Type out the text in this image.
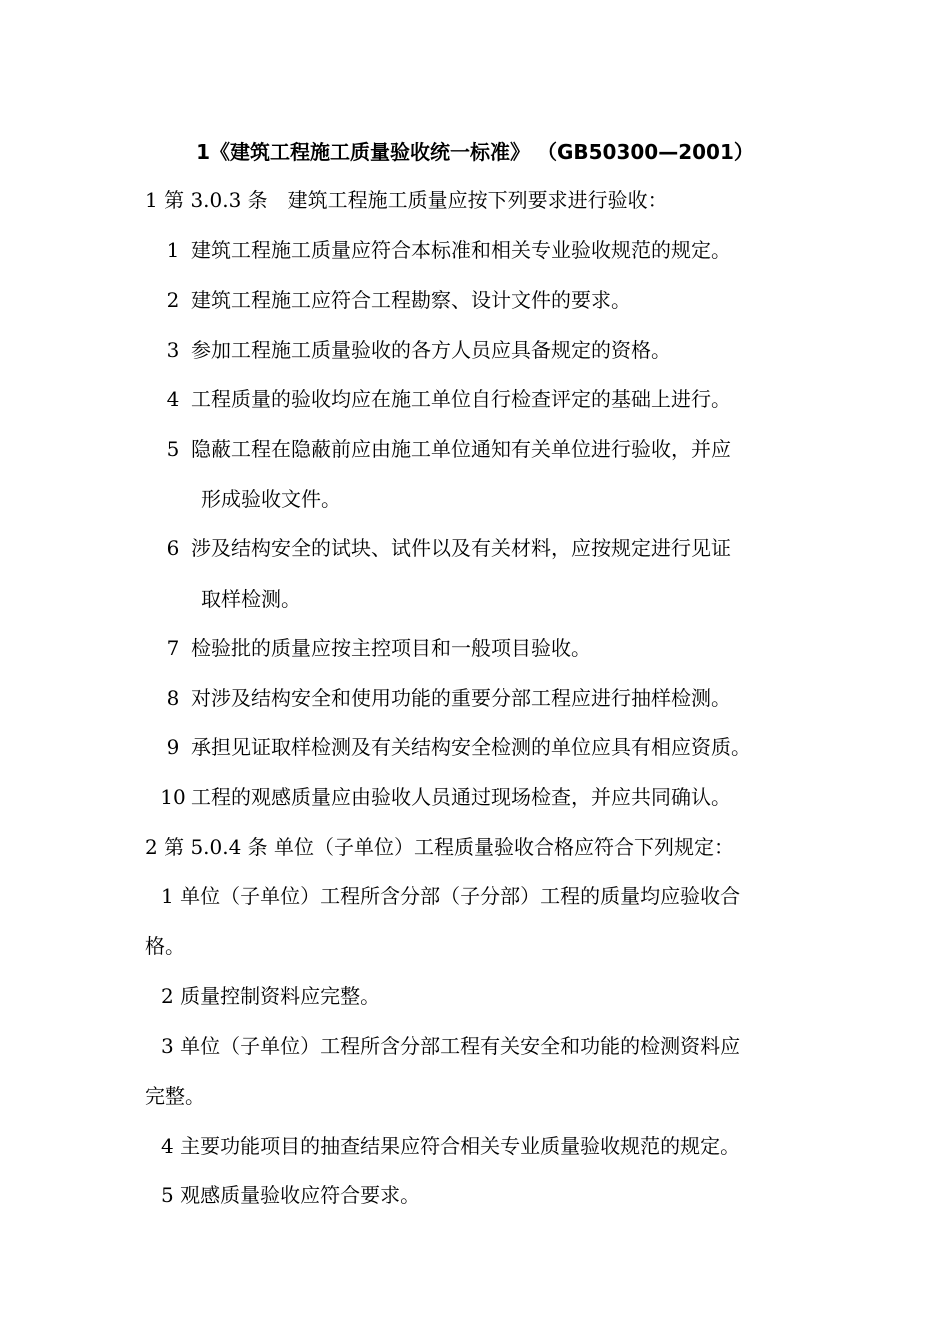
1《建筑工程施工质量验收统一标准》 （GB50300—2001）
1 第 3.0.3 条　建筑工程施工质量应按下列要求进行验收：
1 建筑工程施工质量应符合本标准和相关专业验收规范的规定。
2 建筑工程施工应符合工程勘察、设计文件的要求。
3 参加工程施工质量验收的各方人员应具备规定的资格。
4 工程质量的验收均应在施工单位自行检查评定的基础上进行。
5 隐蔽工程在隐蔽前应由施工单位通知有关单位进行验收，并应
形成验收文件。
6 涉及结构安全的试块、试件以及有关材料，应按规定进行见证
取样检测。
7 检验批的质量应按主控项目和一般项目验收。
8 对涉及结构安全和使用功能的重要分部工程应进行抽样检测。
9 承担见证取样检测及有关结构安全检测的单位应具有相应资质。
10 工程的观感质量应由验收人员通过现场检查，并应共同确认。
2 第 5.0.4 条 单位（子单位）工程质量验收合格应符合下列规定：
1 单位（子单位）工程所含分部（子分部）工程的质量均应验收合
格。
2 质量控制资料应完整。
3 单位（子单位）工程所含分部工程有关安全和功能的检测资料应
完整。
4 主要功能项目的抽查结果应符合相关专业质量验收规范的规定。
5 观感质量验收应符合要求。
